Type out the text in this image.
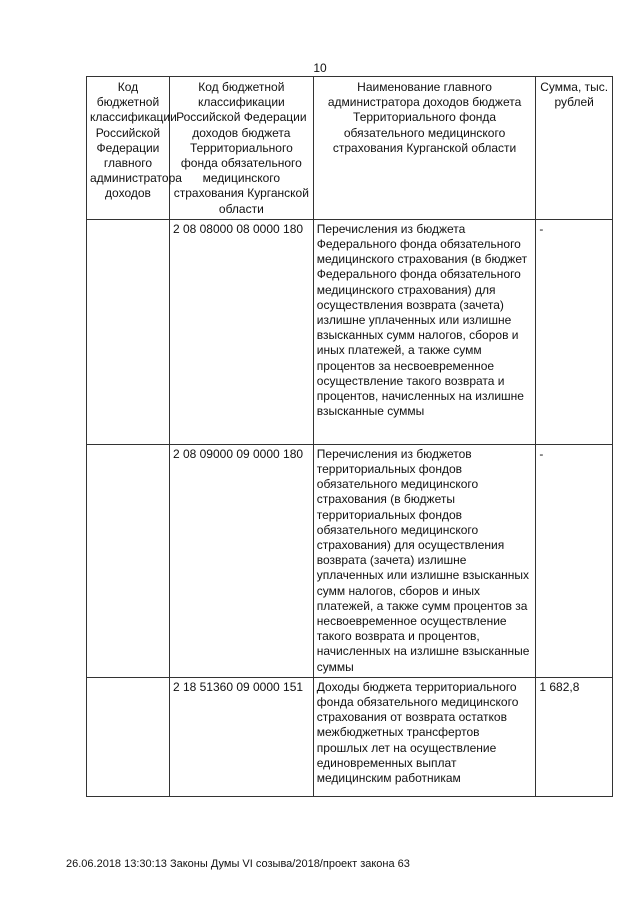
10
Код бюджетной классификации Российской Федерации главного администратора доходов	Код бюджетной классификации Российской Федерации доходов бюджета Территориального фонда обязательного медицинского страхования Курганской области	Наименование главного администратора доходов бюджета Территориального фонда обязательного медицинского страхования Курганской области	Сумма, тыс. рублей
	2 08 08000 08 0000 180	Перечисления из бюджета Федерального фонда обязательного медицинского страхования (в бюджет Федерального фонда обязательного медицинского страхования) для осуществления возврата (зачета) излишне уплаченных или излишне взысканных сумм налогов, сборов и иных платежей, а также сумм процентов за несвоевременное осуществление такого возврата и процентов, начисленных на излишне взысканные суммы	-
	2 08 09000 09 0000 180	Перечисления из бюджетов территориальных фондов обязательного медицинского страхования (в бюджеты территориальных фондов обязательного медицинского страхования) для осуществления возврата (зачета) излишне уплаченных или излишне взысканных сумм налогов, сборов и иных платежей, а также сумм процентов за несвоевременное осуществление такого возврата и процентов, начисленных на излишне взысканные суммы	-
	2 18 51360 09 0000 151	Доходы бюджета территориального фонда обязательного медицинского страхования от возврата остатков межбюджетных трансфертов прошлых лет на осуществление единовременных выплат медицинским работникам	1 682,8
26.06.2018 13:30:13 Законы Думы VI созыва/2018/проект закона 63
